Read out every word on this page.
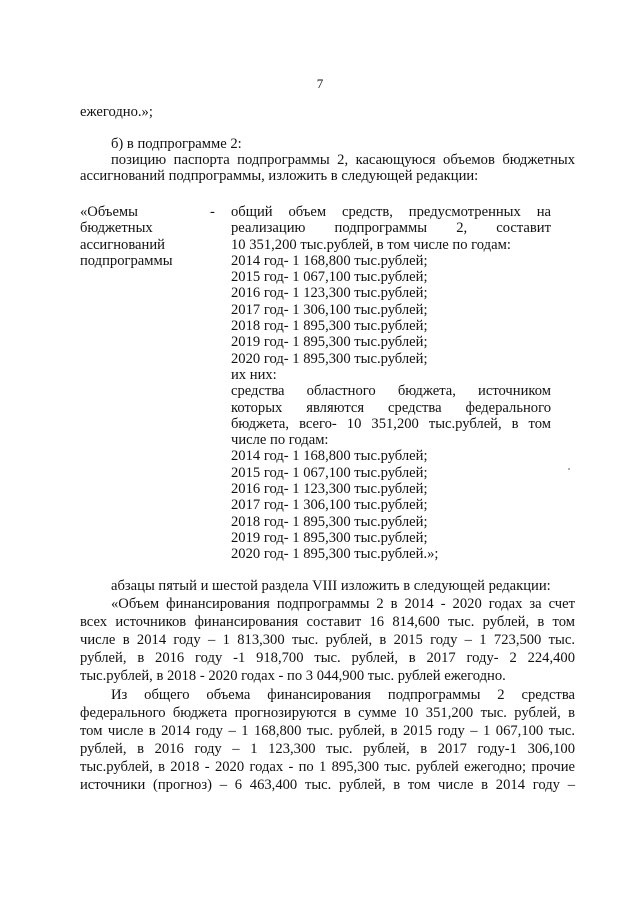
7
ежегодно.»;
б) в подпрограмме 2:
позицию паспорта подпрограммы 2, касающуюся объемов бюджетных
ассигнований подпрограммы, изложить в следующей редакции:
«Объемы
бюджетных
ассигнований
подпрограммы
- общий объем средств, предусмотренных на
реализацию подпрограммы 2, составит
10 351,200 тыс.рублей, в том числе по годам:
2014 год- 1 168,800 тыс.рублей;
2015 год- 1 067,100 тыс.рублей;
2016 год- 1 123,300 тыс.рублей;
2017 год- 1 306,100 тыс.рублей;
2018 год- 1 895,300 тыс.рублей;
2019 год- 1 895,300 тыс.рублей;
2020 год- 1 895,300 тыс.рублей;
их них:
средства областного бюджета, источником
которых являются средства федерального
бюджета, всего- 10 351,200 тыс.рублей, в том
числе по годам:
2014 год- 1 168,800 тыс.рублей;
2015 год- 1 067,100 тыс.рублей;
2016 год- 1 123,300 тыс.рублей;
2017 год- 1 306,100 тыс.рублей;
2018 год- 1 895,300 тыс.рублей;
2019 год- 1 895,300 тыс.рублей;
2020 год- 1 895,300 тыс.рублей.»;
абзацы пятый и шестой раздела VIII изложить в следующей редакции:
«Объем финансирования подпрограммы 2 в 2014 - 2020 годах за счет
всех источников финансирования составит 16 814,600 тыс. рублей, в том
числе в 2014 году – 1 813,300 тыс. рублей, в 2015 году – 1 723,500 тыс.
рублей, в 2016 году -1 918,700 тыс. рублей, в 2017 году- 2 224,400
тыс.рублей, в 2018 - 2020 годах - по 3 044,900 тыс. рублей ежегодно.
Из общего объема финансирования подпрограммы 2 средства
федерального бюджета прогнозируются в сумме 10 351,200 тыс. рублей, в
том числе в 2014 году – 1 168,800 тыс. рублей, в 2015 году – 1 067,100 тыс.
рублей, в 2016 году – 1 123,300 тыс. рублей, в 2017 году-1 306,100
тыс.рублей, в 2018 - 2020 годах - по 1 895,300 тыс. рублей ежегодно; прочие
источники (прогноз) – 6 463,400 тыс. рублей, в том числе в 2014 году –
